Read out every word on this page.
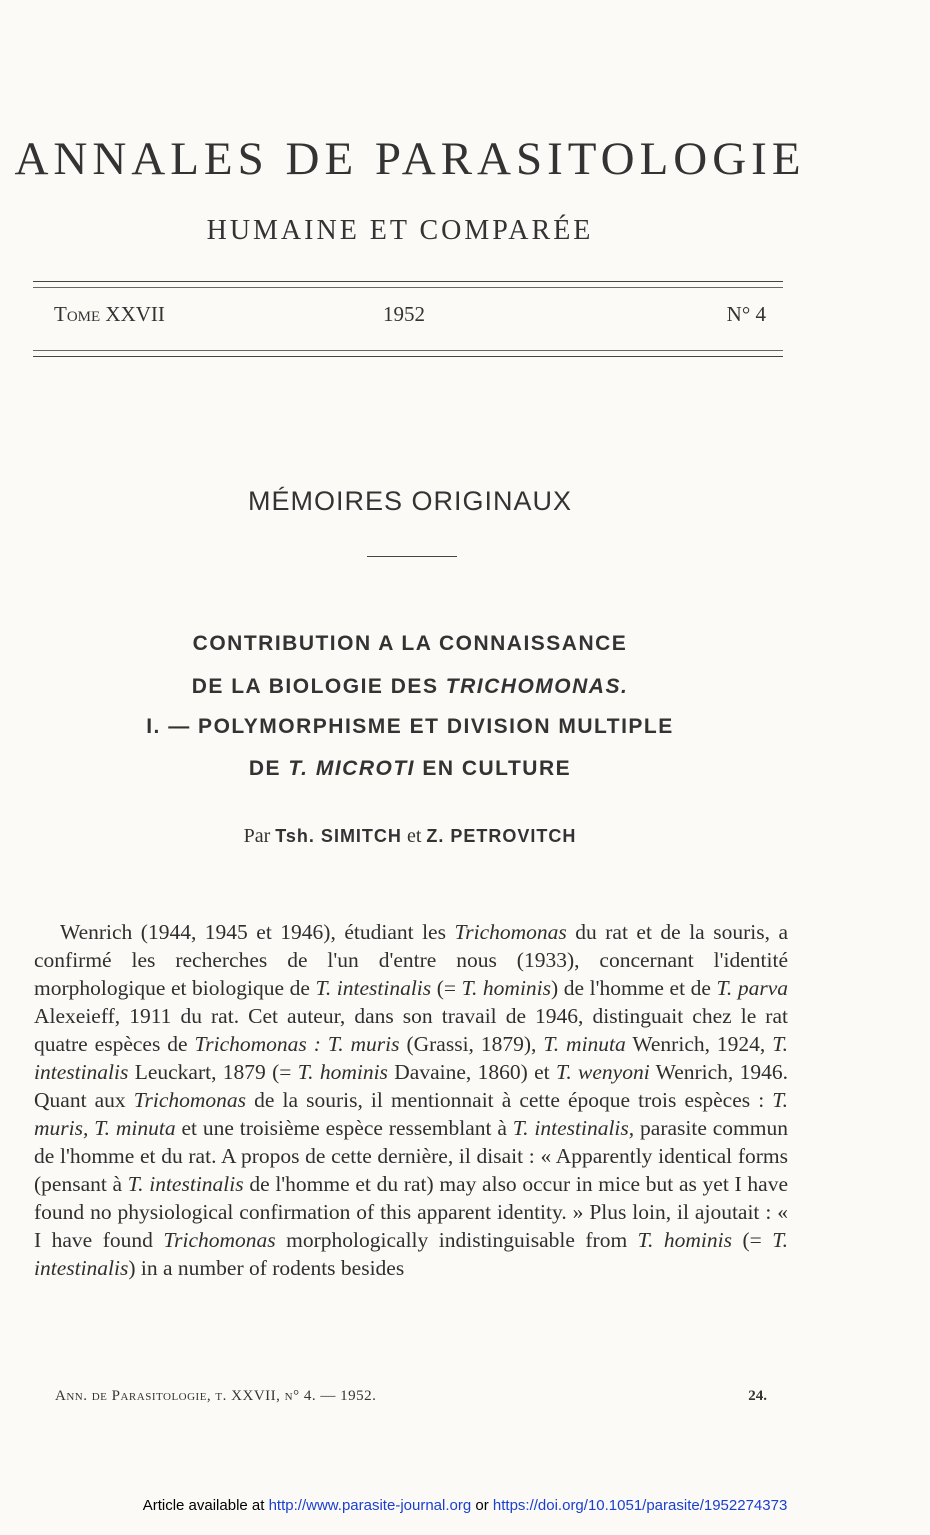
ANNALES DE PARASITOLOGIE
HUMAINE ET COMPARÉE
Tome XXVII	1952	N° 4
MÉMOIRES ORIGINAUX
CONTRIBUTION A LA CONNAISSANCE
DE LA BIOLOGIE DES TRICHOMONAS.
I. — POLYMORPHISME ET DIVISION MULTIPLE
DE T. MICROTI EN CULTURE
Par Tsh. SIMITCH et Z. PETROVITCH
Wenrich (1944, 1945 et 1946), étudiant les Trichomonas du rat et de la souris, a confirmé les recherches de l'un d'entre nous (1933), concernant l'identité morphologique et biologique de T. intestinalis (= T. hominis) de l'homme et de T. parva Alexeieff, 1911 du rat. Cet auteur, dans son travail de 1946, distinguait chez le rat quatre espèces de Trichomonas : T. muris (Grassi, 1879), T. minuta Wenrich, 1924, T. intestinalis Leuckart, 1879 (= T. hominis Davaine, 1860) et T. wenyoni Wenrich, 1946. Quant aux Trichomonas de la souris, il mentionnait à cette époque trois espèces : T. muris, T. minuta et une troisième espèce ressemblant à T. intestinalis, parasite commun de l'homme et du rat. A propos de cette dernière, il disait : « Apparently identical forms (pensant à T. intestinalis de l'homme et du rat) may also occur in mice but as yet I have found no physiological confirmation of this apparent identity. » Plus loin, il ajoutait : « I have found Trichomonas morphologically indistinguisable from T. hominis (= T. intestinalis) in a number of rodents besides
Ann. de Parasitologie, t. XXVII, n° 4. — 1952.	24.
Article available at http://www.parasite-journal.org or https://doi.org/10.1051/parasite/1952274373
